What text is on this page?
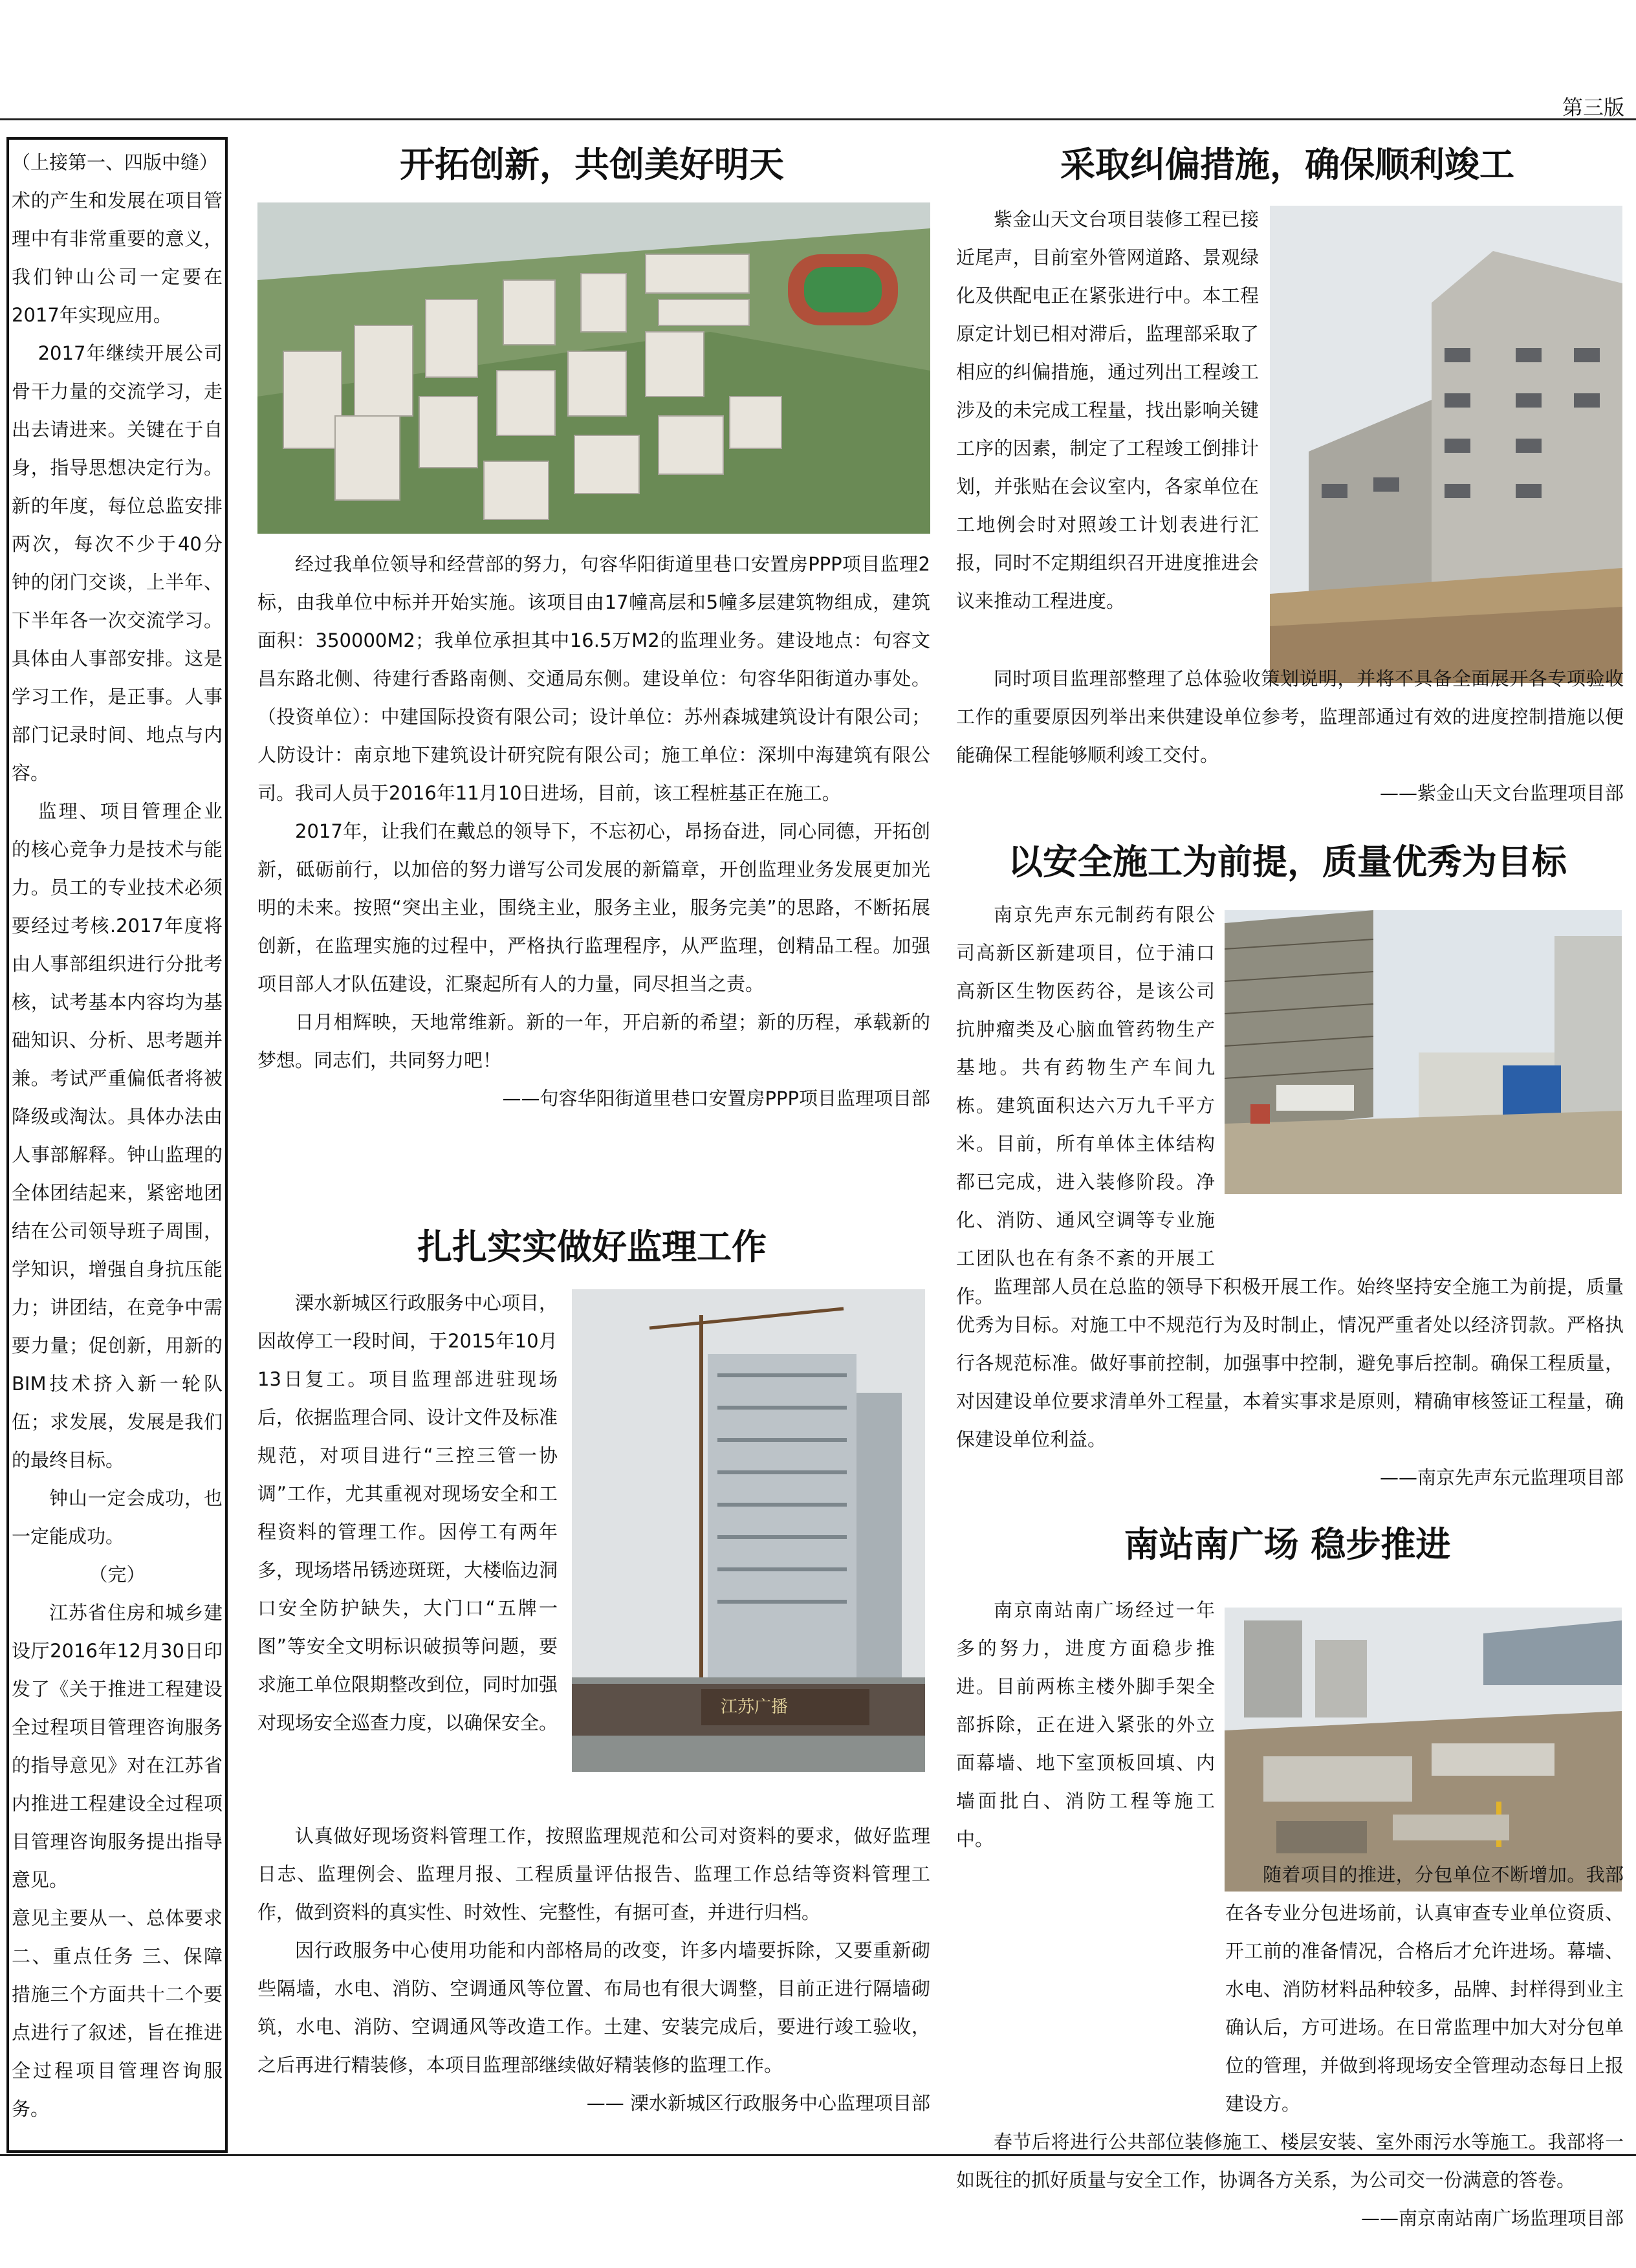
第三版

（上接第一、四版中缝）

术的产生和发展在项目管理中有非常重要的意义，我们钟山公司一定要在2017年实现应用。

2017年继续开展公司骨干力量的交流学习，走出去请进来。关键在于自身，指导思想决定行为。新的年度，每位总监安排两次，每次不少于40分钟的闭门交谈，上半年、下半年各一次交流学习。具体由人事部安排。这是学习工作，是正事。人事部门记录时间、地点与内容。

监理、项目管理企业的核心竞争力是技术与能力。员工的专业技术必须要经过考核.2017年度将由人事部组织进行分批考核，试考基本内容均为基础知识、分析、思考题并兼。考试严重偏低者将被降级或淘汰。具体办法由人事部解释。钟山监理的全体团结起来，紧密地团结在公司领导班子周围，学知识，增强自身抗压能力；讲团结，在竞争中需要力量；促创新，用新的BIM技术挤入新一轮队伍；求发展，发展是我们的最终目标。

钟山一定会成功，也一定能成功。

（完）

江苏省住房和城乡建设厅2016年12月30日印发了《关于推进工程建设全过程项目管理咨询服务的指导意见》对在江苏省内推进工程建设全过程项目管理咨询服务提出指导意见。

意见主要从一、总体要求 二、重点任务 三、保障措施三个方面共十二个要点进行了叙述，旨在推进全过程项目管理咨询服务。

开拓创新，共创美好明天

经过我单位领导和经营部的努力，句容华阳街道里巷口安置房PPP项目监理2标，由我单位中标并开始实施。该项目由17幢高层和5幢多层建筑物组成，建筑面积：350000M2；我单位承担其中16.5万M2的监理业务。建设地点：句容文昌东路北侧、待建行香路南侧、交通局东侧。建设单位：句容华阳街道办事处。（投资单位）：中建国际投资有限公司；设计单位：苏州森城建筑设计有限公司；人防设计：南京地下建筑设计研究院有限公司；施工单位：深圳中海建筑有限公司。我司人员于2016年11月10日进场，目前，该工程桩基正在施工。

2017年，让我们在戴总的领导下，不忘初心，昂扬奋进，同心同德，开拓创新，砥砺前行，以加倍的努力谱写公司发展的新篇章，开创监理业务发展更加光明的未来。按照“突出主业，围绕主业，服务主业，服务完美”的思路，不断拓展创新，在监理实施的过程中，严格执行监理程序，从严监理，创精品工程。加强项目部人才队伍建设，汇聚起所有人的力量，同尽担当之责。

日月相辉映，天地常维新。新的一年，开启新的希望；新的历程，承载新的梦想。同志们，共同努力吧！

——句容华阳街道里巷口安置房PPP项目监理项目部

扎扎实实做好监理工作
江苏广播

溧水新城区行政服务中心项目，因故停工一段时间，于2015年10月13日复工。项目监理部进驻现场后，依据监理合同、设计文件及标准规范，对项目进行“三控三管一协调”工作，尤其重视对现场安全和工程资料的管理工作。因停工有两年多，现场塔吊锈迹斑斑，大楼临边洞口安全防护缺失，大门口“五牌一图”等安全文明标识破损等问题，要求施工单位限期整改到位，同时加强对现场安全巡查力度，以确保安全。

认真做好现场资料管理工作，按照监理规范和公司对资料的要求，做好监理日志、监理例会、监理月报、工程质量评估报告、监理工作总结等资料管理工作，做到资料的真实性、时效性、完整性，有据可查，并进行归档。

因行政服务中心使用功能和内部格局的改变，许多内墙要拆除，又要重新砌些隔墙，水电、消防、空调通风等位置、布局也有很大调整，目前正进行隔墙砌筑，水电、消防、空调通风等改造工作。土建、安装完成后，要进行竣工验收，之后再进行精装修，本项目监理部继续做好精装修的监理工作。

—— 溧水新城区行政服务中心监理项目部

采取纠偏措施，确保顺利竣工

紫金山天文台项目装修工程已接近尾声，目前室外管网道路、景观绿化及供配电正在紧张进行中。本工程原定计划已相对滞后，监理部采取了相应的纠偏措施，通过列出工程竣工涉及的未完成工程量，找出影响关键工序的因素，制定了工程竣工倒排计划，并张贴在会议室内，各家单位在工地例会时对照竣工计划表进行汇报，同时不定期组织召开进度推进会议来推动工程进度。

同时项目监理部整理了总体验收策划说明，并将不具备全面展开各专项验收工作的重要原因列举出来供建设单位参考，监理部通过有效的进度控制措施以便能确保工程能够顺利竣工交付。

——紫金山天文台监理项目部

以安全施工为前提，质量优秀为目标

南京先声东元制药有限公司高新区新建项目，位于浦口高新区生物医药谷，是该公司抗肿瘤类及心脑血管药物生产基地。共有药物生产车间九栋。建筑面积达六万九千平方米。目前，所有单体主体结构都已完成，进入装修阶段。净化、消防、通风空调等专业施工团队也在有条不紊的开展工作。 监理部人员在总监的领导下积极开展工作。始终坚持安全施工为前提，质量优秀为目标。对施工中不规范行为及时制止，情况严重者处以经济罚款。严格执行各规范标准。做好事前控制，加强事中控制，避免事后控制。确保工程质量，对因建设单位要求清单外工程量，本着实事求是原则，精确审核签证工程量，确保建设单位利益。

——南京先声东元监理项目部

南站南广场 稳步推进

南京南站南广场经过一年多的努力，进度方面稳步推进。目前两栋主楼外脚手架全部拆除，正在进入紧张的外立面幕墙、地下室顶板回填、内墙面批白、消防工程等施工中。

随着项目的推进，分包单位不断增加。我部在各专业分包进场前，认真审查专业单位资质、开工前的准备情况，合格后才允许进场。幕墙、水电、消防材料品种较多，品牌、封样得到业主确认后，方可进场。在日常监理中加大对分包单位的管理，并做到将现场安全管理动态每日上报建设方。

春节后将进行公共部位装修施工、楼层安装、室外雨污水等施工。我部将一如既往的抓好质量与安全工作，协调各方关系，为公司交一份满意的答卷。

——南京南站南广场监理项目部
